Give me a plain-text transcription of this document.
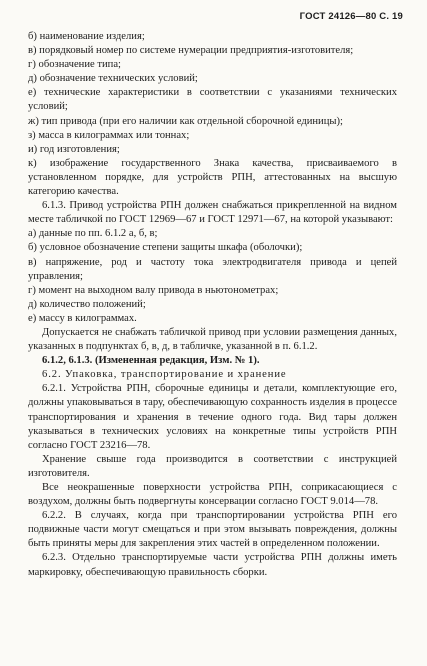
ГОСТ 24126—80 С. 19

б) наименование изделия;

в) порядковый номер по системе нумерации предприятия-изготовителя;

г) обозначение типа;

д) обозначение технических условий;

е) технические характеристики в соответствии с указаниями технических условий;

ж) тип привода (при его наличии как отдельной сборочной единицы);

з) масса в килограммах или тоннах;

и) год изготовления;

к) изображение государственного Знака качества, присваиваемого в установленном порядке, для устройств РПН, аттестованных на высшую категорию качества.

6.1.3. Привод устройства РПН должен снабжаться прикрепленной на видном месте табличкой по ГОСТ 12969—67 и ГОСТ 12971—67, на которой указывают:

а) данные по пп. 6.1.2 а, б, в;

б) условное обозначение степени защиты шкафа (оболочки);

в) напряжение, род и частоту тока электродвигателя привода и цепей управления;

г) момент на выходном валу привода в ньютонометрах;

д) количество положений;

е) массу в килограммах.

Допускается не снабжать табличкой привод при условии размещения данных, указанных в подпунктах б, в, д, в табличке, указанной в п. 6.1.2.

6.1.2, 6.1.3. (Измененная редакция, Изм. № 1).

6.2. Упаковка, транспортирование и хранение

6.2.1. Устройства РПН, сборочные единицы и детали, комплектующие его, должны упаковываться в тару, обеспечивающую сохранность изделия в процессе транспортирования и хранения в течение одного года. Вид тары должен указываться в технических условиях на конкретные типы устройств РПН согласно ГОСТ 23216—78.

Хранение свыше года производится в соответствии с инструкцией изготовителя.

Все неокрашенные поверхности устройства РПН, соприкасающиеся с воздухом, должны быть подвергнуты консервации согласно ГОСТ 9.014—78.

6.2.2. В случаях, когда при транспортировании устройства РПН его подвижные части могут смещаться и при этом вызывать повреждения, должны быть приняты меры для закрепления этих частей в определенном положении.

6.2.3. Отдельно транспортируемые части устройства РПН должны иметь маркировку, обеспечивающую правильность сборки.
